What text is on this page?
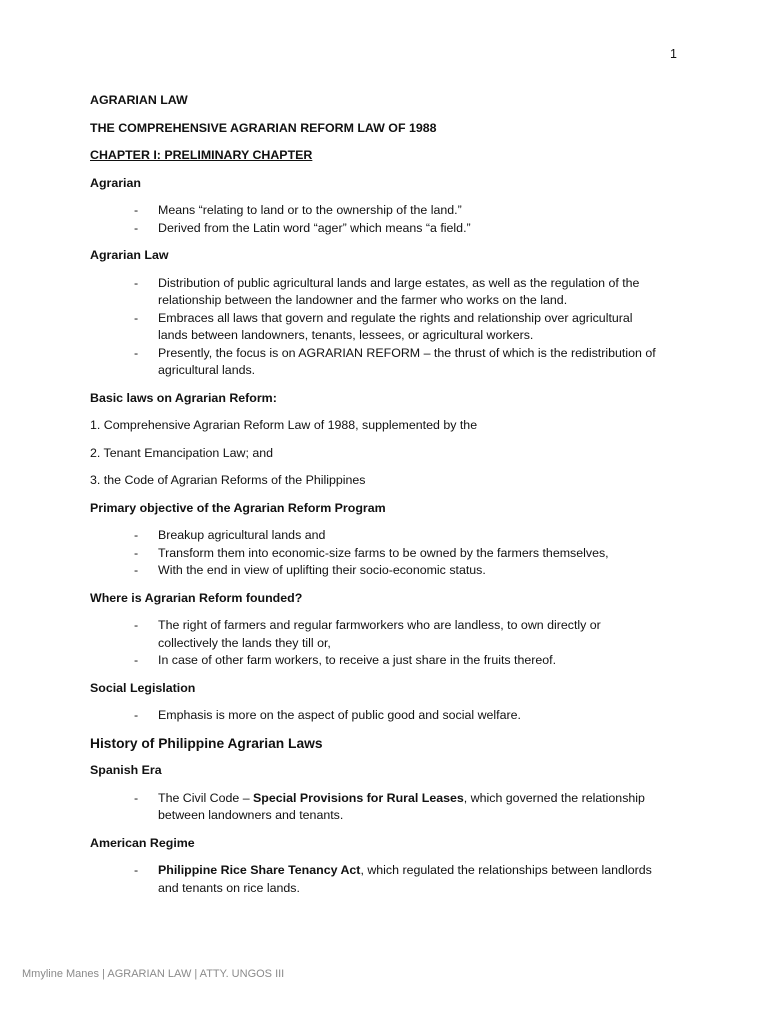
1

AGRARIAN LAW

THE COMPREHENSIVE AGRARIAN REFORM LAW OF 1988

CHAPTER I: PRELIMINARY CHAPTER

Agrarian

- Means “relating to land or to the ownership of the land.”
- Derived from the Latin word “ager” which means “a field.”

Agrarian Law

- Distribution of public agricultural lands and large estates, as well as the regulation of the
relationship between the landowner and the farmer who works on the land.
- Embraces all laws that govern and regulate the rights and relationship over agricultural
lands between landowners, tenants, lessees, or agricultural workers.
- Presently, the focus is on AGRARIAN REFORM – the thrust of which is the redistribution of
agricultural lands.

Basic laws on Agrarian Reform:

1. Comprehensive Agrarian Reform Law of 1988, supplemented by the

2. Tenant Emancipation Law; and

3. the Code of Agrarian Reforms of the Philippines

Primary objective of the Agrarian Reform Program

- Breakup agricultural lands and
- Transform them into economic-size farms to be owned by the farmers themselves,
- With the end in view of uplifting their socio-economic status.

Where is Agrarian Reform founded?

- The right of farmers and regular farmworkers who are landless, to own directly or
collectively the lands they till or,
- In case of other farm workers, to receive a just share in the fruits thereof.

Social Legislation

- Emphasis is more on the aspect of public good and social welfare.

History of Philippine Agrarian Laws

Spanish Era

- The Civil Code – Special Provisions for Rural Leases, which governed the relationship
between landowners and tenants.

American Regime

- Philippine Rice Share Tenancy Act, which regulated the relationships between landlords
and tenants on rice lands.
Mmyline Manes | AGRARIAN LAW | ATTY. UNGOS III
